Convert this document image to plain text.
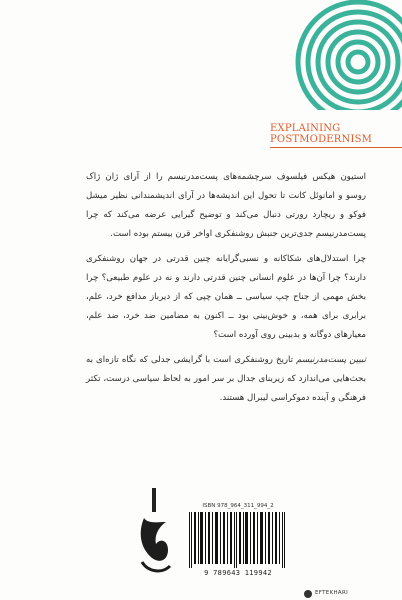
EXPLAINING
POSTMODERNISM

استیون هیکس فیلسوف سرچشمه‌های پست‌مدرنیسم را از آرای ژان ژاک روسو و امانوئل کانت تا تحول این اندیشه‌ها در آرای اندیشمندانی نظیر میشل فوکو و ریچارد رورتی دنبال می‌کند و توضیح گیرایی عرضه می‌کند که چرا پست‌مدرنیسم جدی‌ترین جنبش روشنفکری اواخر قرن بیستم بوده است.

چرا استدلال‌های شکاکانه و نسبی‌گرایانه چنین قدرتی در جهان روشنفکری دارند؟ چرا آن‌ها در علوم انسانی چنین قدرتی دارند و نه در علوم طبیعی؟ چرا بخش مهمی از جناح چپ سیاسی ــ همان چپی که از دیرباز مدافع خرد، علم، برابری برای همه، و خوش‌بینی بود ــ اکنون به مضامین ضد خرد، ضد علم، معیارهای دوگانه و بدبینی روی آورده است؟

تبیین پست‌مدرنیسم تاریخ روشنفکری است با گرایشی جدلی که نگاه تازه‌ای به بحث‌هایی می‌اندازد که زیربنای جدال بر سر امور به لحاظ سیاسی درست، تکثر فرهنگی و آینده دموکراسی لیبرال هستند.

ISBN 978_964_311_994_2
9 789643 119942
EFTEKHARI
